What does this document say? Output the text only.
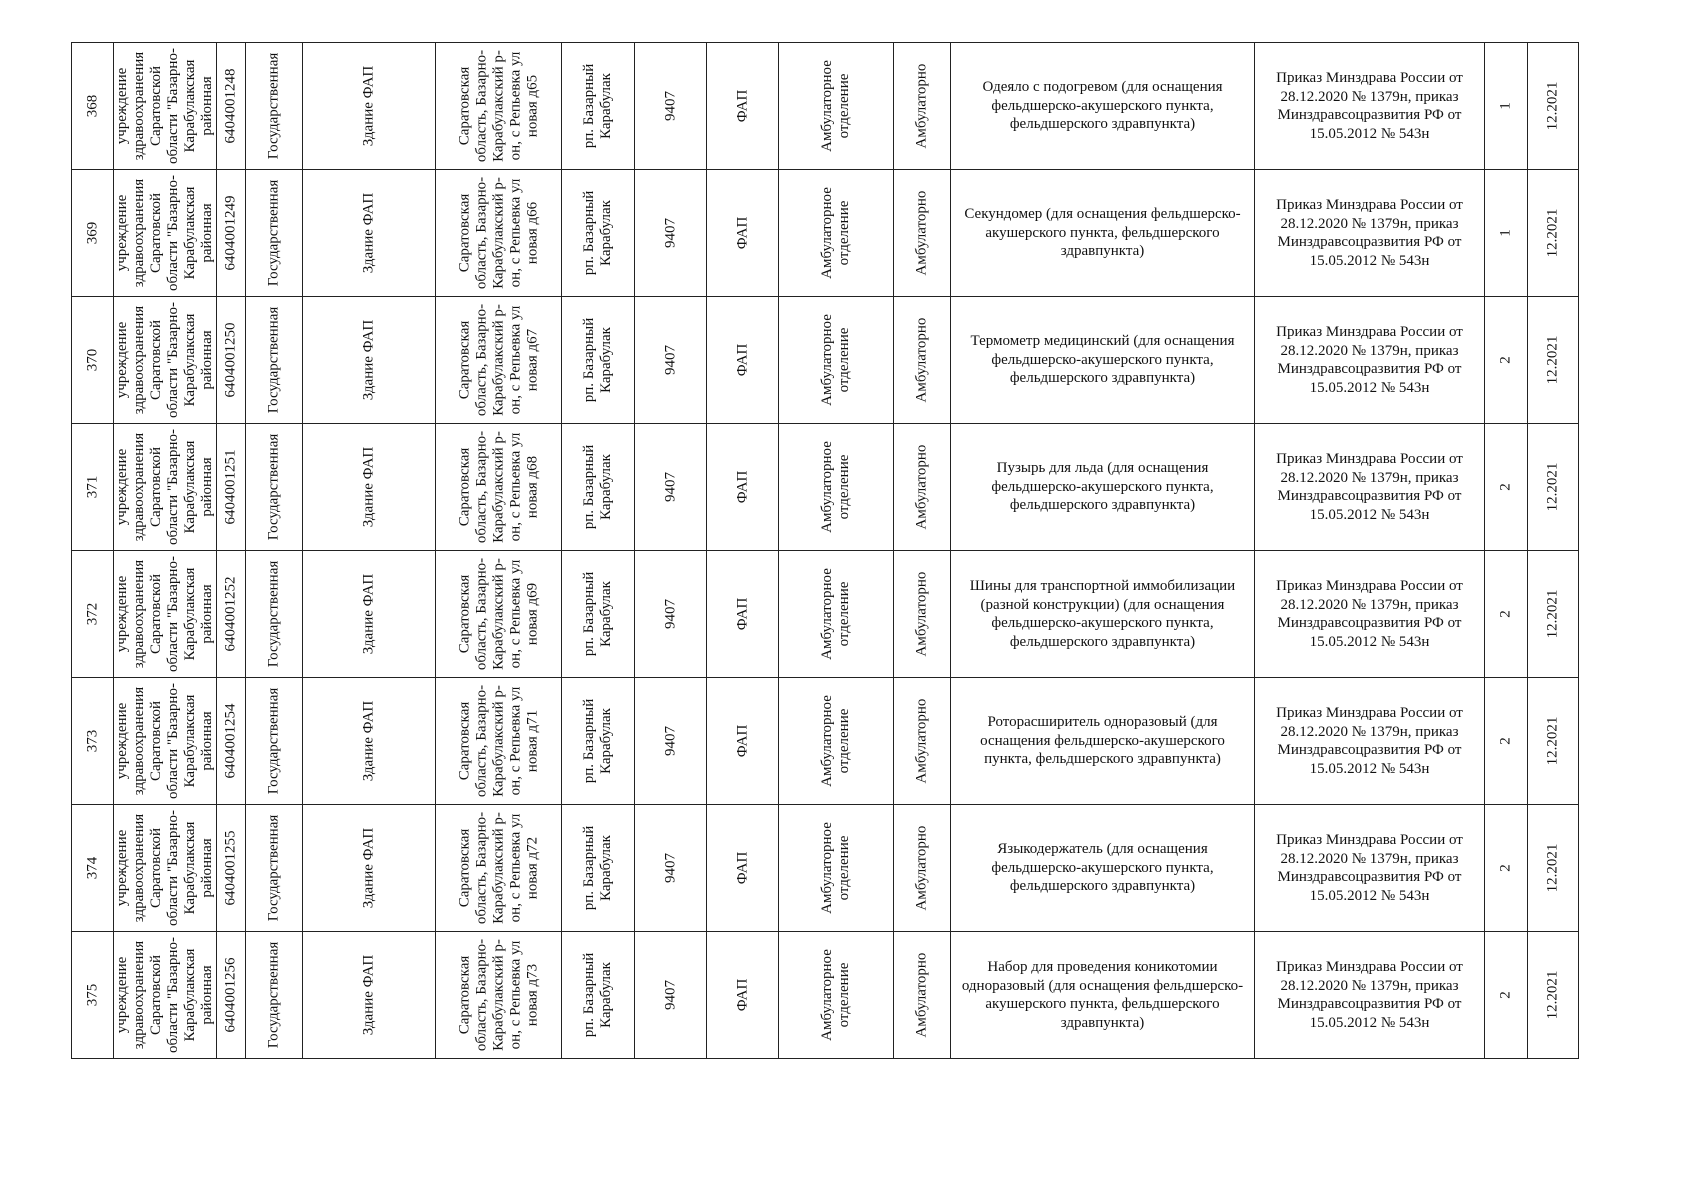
368	учреждение здравоохранения Саратовской области "Базарно-Карабулакская районная	6404001248	Государственная	Здание ФАП	Саратовская область, Базарно-Карабулакский р-он, с Репьевка ул новая д65	рп. Базарный Карабулак	9407	ФАП	Амбулаторное отделение	Амбулаторно	Одеяло с подогревом (для оснащения фельдшерско-акушерского пункта, фельдшерского здравпункта)	Приказ Минздрава России от 28.12.2020 № 1379н, приказ Минздравсоцразвития РФ от 15.05.2012 № 543н	1	12.2021

369	учреждение здравоохранения Саратовской области "Базарно-Карабулакская районная	6404001249	Государственная	Здание ФАП	Саратовская область, Базарно-Карабулакский р-он, с Репьевка ул новая д66	рп. Базарный Карабулак	9407	ФАП	Амбулаторное отделение	Амбулаторно	Секундомер (для оснащения фельдшерско-акушерского пункта, фельдшерского здравпункта)	Приказ Минздрава России от 28.12.2020 № 1379н, приказ Минздравсоцразвития РФ от 15.05.2012 № 543н	1	12.2021

370	учреждение здравоохранения Саратовской области "Базарно-Карабулакская районная	6404001250	Государственная	Здание ФАП	Саратовская область, Базарно-Карабулакский р-он, с Репьевка ул новая д67	рп. Базарный Карабулак	9407	ФАП	Амбулаторное отделение	Амбулаторно	Термометр медицинский (для оснащения фельдшерско-акушерского пункта, фельдшерского здравпункта)	Приказ Минздрава России от 28.12.2020 № 1379н, приказ Минздравсоцразвития РФ от 15.05.2012 № 543н	2	12.2021

371	учреждение здравоохранения Саратовской области "Базарно-Карабулакская районная	6404001251	Государственная	Здание ФАП	Саратовская область, Базарно-Карабулакский р-он, с Репьевка ул новая д68	рп. Базарный Карабулак	9407	ФАП	Амбулаторное отделение	Амбулаторно	Пузырь для льда (для оснащения фельдшерско-акушерского пункта, фельдшерского здравпункта)	Приказ Минздрава России от 28.12.2020 № 1379н, приказ Минздравсоцразвития РФ от 15.05.2012 № 543н	2	12.2021

372	учреждение здравоохранения Саратовской области "Базарно-Карабулакская районная	6404001252	Государственная	Здание ФАП	Саратовская область, Базарно-Карабулакский р-он, с Репьевка ул новая д69	рп. Базарный Карабулак	9407	ФАП	Амбулаторное отделение	Амбулаторно	Шины для транспортной иммобилизации (разной конструкции) (для оснащения фельдшерско-акушерского пункта, фельдшерского здравпункта)	Приказ Минздрава России от 28.12.2020 № 1379н, приказ Минздравсоцразвития РФ от 15.05.2012 № 543н	2	12.2021

373	учреждение здравоохранения Саратовской области "Базарно-Карабулакская районная	6404001254	Государственная	Здание ФАП	Саратовская область, Базарно-Карабулакский р-он, с Репьевка ул новая д71	рп. Базарный Карабулак	9407	ФАП	Амбулаторное отделение	Амбулаторно	Роторасширитель одноразовый (для оснащения фельдшерско-акушерского пункта, фельдшерского здравпункта)	Приказ Минздрава России от 28.12.2020 № 1379н, приказ Минздравсоцразвития РФ от 15.05.2012 № 543н	2	12.2021

374	учреждение здравоохранения Саратовской области "Базарно-Карабулакская районная	6404001255	Государственная	Здание ФАП	Саратовская область, Базарно-Карабулакский р-он, с Репьевка ул новая д72	рп. Базарный Карабулак	9407	ФАП	Амбулаторное отделение	Амбулаторно	Языкодержатель (для оснащения фельдшерско-акушерского пункта, фельдшерского здравпункта)	Приказ Минздрава России от 28.12.2020 № 1379н, приказ Минздравсоцразвития РФ от 15.05.2012 № 543н	2	12.2021

375	учреждение здравоохранения Саратовской области "Базарно-Карабулакская районная	6404001256	Государственная	Здание ФАП	Саратовская область, Базарно-Карабулакский р-он, с Репьевка ул новая д73	рп. Базарный Карабулак	9407	ФАП	Амбулаторное отделение	Амбулаторно	Набор для проведения коникотомии одноразовый (для оснащения фельдшерско-акушерского пункта, фельдшерского здравпункта)	Приказ Минздрава России от 28.12.2020 № 1379н, приказ Минздравсоцразвития РФ от 15.05.2012 № 543н	2	12.2021
